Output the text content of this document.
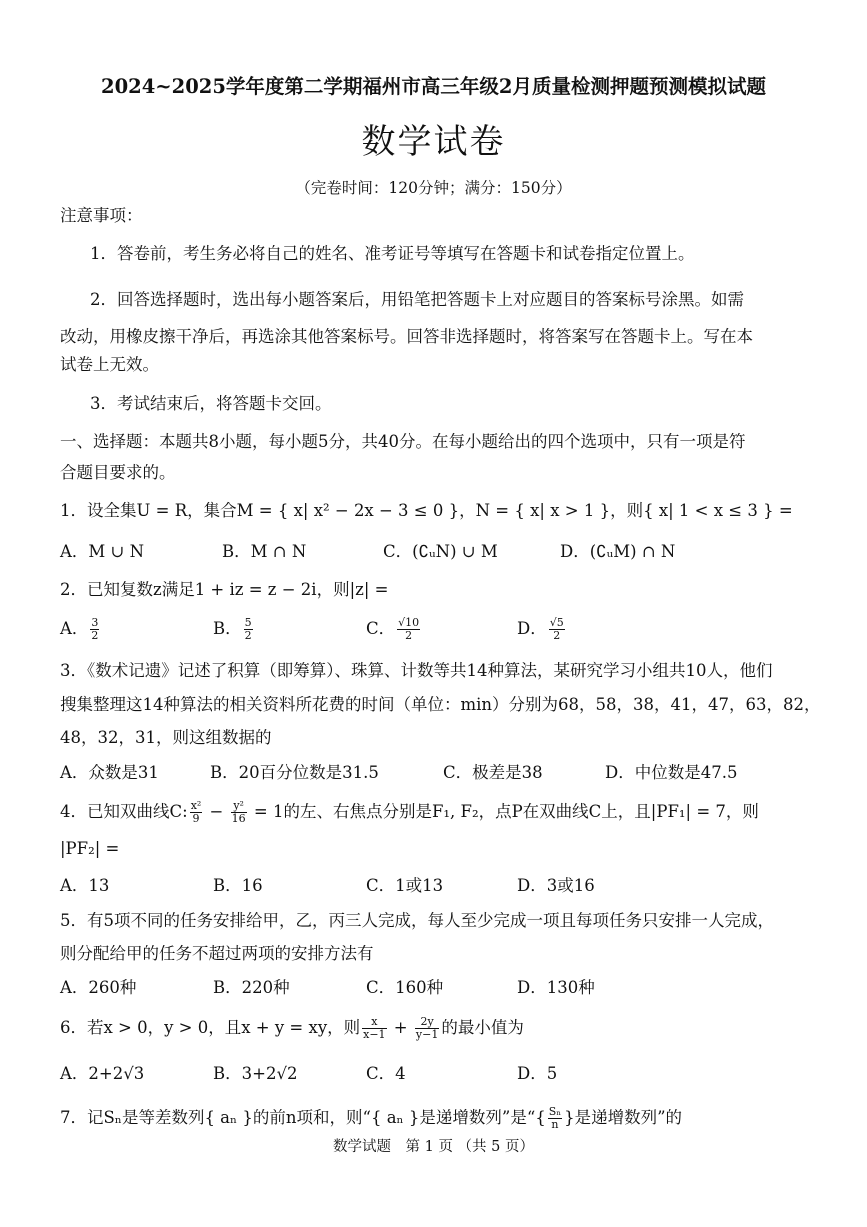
2024~2025学年度第二学期福州市高三年级2月质量检测押题预测模拟试题
数学试卷
（完卷时间：120分钟；满分：150分）
注意事项：
1．答卷前，考生务必将自己的姓名、准考证号等填写在答题卡和试卷指定位置上。
2．回答选择题时，选出每小题答案后，用铅笔把答题卡上对应题目的答案标号涂黑。如需
改动，用橡皮擦干净后，再选涂其他答案标号。回答非选择题时，将答案写在答题卡上。写在本
试卷上无效。
3．考试结束后，将答题卡交回。
一、选择题：本题共8小题，每小题5分，共40分。在每小题给出的四个选项中，只有一项是符
合题目要求的。
1．设全集U = R，集合M = { x| x² − 2x − 3 ≤ 0 }，N = { x| x > 1 }，则{ x| 1 < x ≤ 3 } =
A．M ∪ N	B．M ∩ N	C．(∁ᵤN) ∪ M	D．(∁ᵤM) ∩ N
2．已知复数z满足1 + iz = z − 2i，则|z| =
A． $\frac{3}{2}$	B． $\frac{5}{2}$	C． $\frac{√10}{2}$	D． $\frac{√5}{2}$
3．《数术记遗》记述了积算（即筹算）、珠算、计数等共14种算法，某研究学习小组共10人，他们
搜集整理这14种算法的相关资料所花费的时间（单位：min）分别为68，58，38，41，47，63，82，
48，32，31，则这组数据的
A．众数是31	B．20百分位数是31.5	C．极差是38	D．中位数是47.5
4．已知双曲线C: $\frac{\text{x²}}{9} - \frac{\text{y²}}{16} = 1$的左、右焦点分别是F₁, F₂，点P在双曲线C上，且|PF₁| = 7，则
|PF₂| =
A．13	B．16	C．1或13	D．3或16
5．有5项不同的任务安排给甲，乙，丙三人完成，每人至少完成一项且每项任务只安排一人完成，
则分配给甲的任务不超过两项的安排方法有
A．260种	B．220种	C．160种	D．130种
6．若x > 0，y > 0，且x + y = xy，则 $\frac{x}{x-1} + \frac{2y}{y-1}$ 的最小值为
A．2+2√3	B．3+2√2	C．4	D．5
7．记Sₙ是等差数列{ aₙ }的前n项和，则“{ aₙ }是递增数列”是“{ $\frac{\text{Sₙ}}{n}$ }是递增数列”的
数学试题　第 1 页 （共 5 页）
